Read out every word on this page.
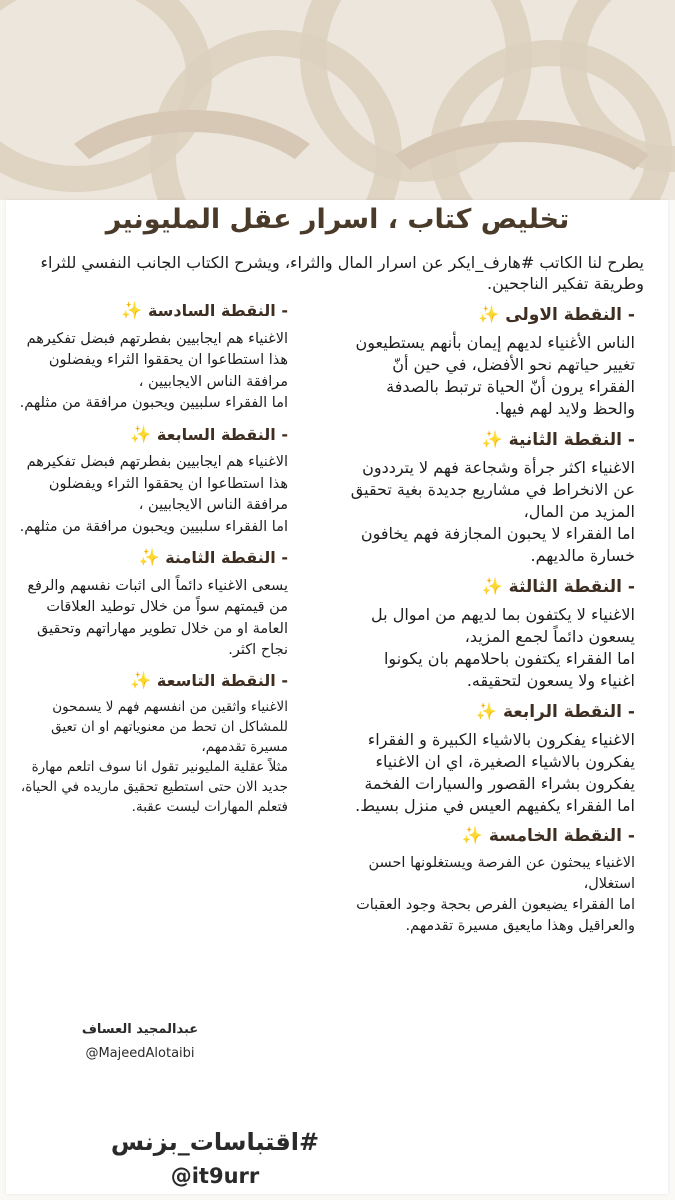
تخليص كتاب ، اسرار عقل المليونير
يطرح لنا الكاتب #هارف_ايكر عن اسرار المال والثراء، ويشرح الكتاب الجانب النفسي للثراء وطريقة تفكير الناجحين.
- النقطة الاولى ✨

الناس الأغنياء لديهم إيمان بأنهم يستطيعون تغيير حياتهم نحو الأفضل، في حين أنّ الفقراء يرون أنّ الحياة ترتبط بالصدفة والحظ ولايد لهم فيها.

- النقطة الثانية ✨

الاغنياء اكثر جرأة وشجاعة فهم لا يترددون عن الانخراط في مشاريع جديدة بغية تحقيق المزيد من المال،

اما الفقراء لا يحبون المجازفة فهم يخافون خسارة مالديهم.

- النقطة الثالثة ✨

الاغنياء لا يكتفون بما لديهم من اموال بل يسعون دائماً لجمع المزيد،

اما الفقراء يكتفون باحلامهم بان يكونوا اغنياء ولا يسعون لتحقيقه.

- النقطة الرابعة ✨

الاغنياء يفكرون بالاشياء الكبيرة و الفقراء يفكرون بالاشياء الصغيرة، اي ان الاغنياء يفكرون بشراء القصور والسيارات الفخمة اما الفقراء يكفيهم العيس في منزل بسيط.

- النقطة الخامسة ✨

الاغنياء يبحثون عن الفرصة ويستغلونها احسن استغلال،

اما الفقراء يضيعون الفرص بحجة وجود العقبات والعراقيل وهذا مايعيق مسيرة تقدمهم.

- النقطة السادسة ✨

الاغنياء هم ايجابيين بفطرتهم فبضل تفكيرهم هذا استطاعوا ان يحققوا الثراء ويفضلون مرافقة الناس الايجابيين ،

اما الفقراء سلبيين ويحبون مرافقة من مثلهم.

- النقطة السابعة ✨

الاغنياء هم ايجابيين بفطرتهم فبضل تفكيرهم هذا استطاعوا ان يحققوا الثراء ويفضلون مرافقة الناس الايجابيين ،

اما الفقراء سلبيين ويحبون مرافقة من مثلهم.

- النقطة الثامنة ✨

يسعى الاغنياء دائماً الى اثبات نفسهم والرفع من قيمتهم سواً من خلال توطيد العلاقات العامة او من خلال تطوير مهاراتهم وتحقيق نجاح اكثر.

- النقطة التاسعة ✨

الاغنياء واثقين من انفسهم فهم لا يسمحون للمشاكل ان تحط من معنوياتهم او ان تعيق مسيرة تقدمهم،

مثلاً عقلية المليونير تقول انا سوف اتلعم مهارة جديد الان حتى استطيع تحقيق ماريده في الحياة، فتعلم المهارات ليست عقبة.

عبدالمجيد العساف
@MajeedAlotaibi
#اقتباسات_بزنس
@it9urr
